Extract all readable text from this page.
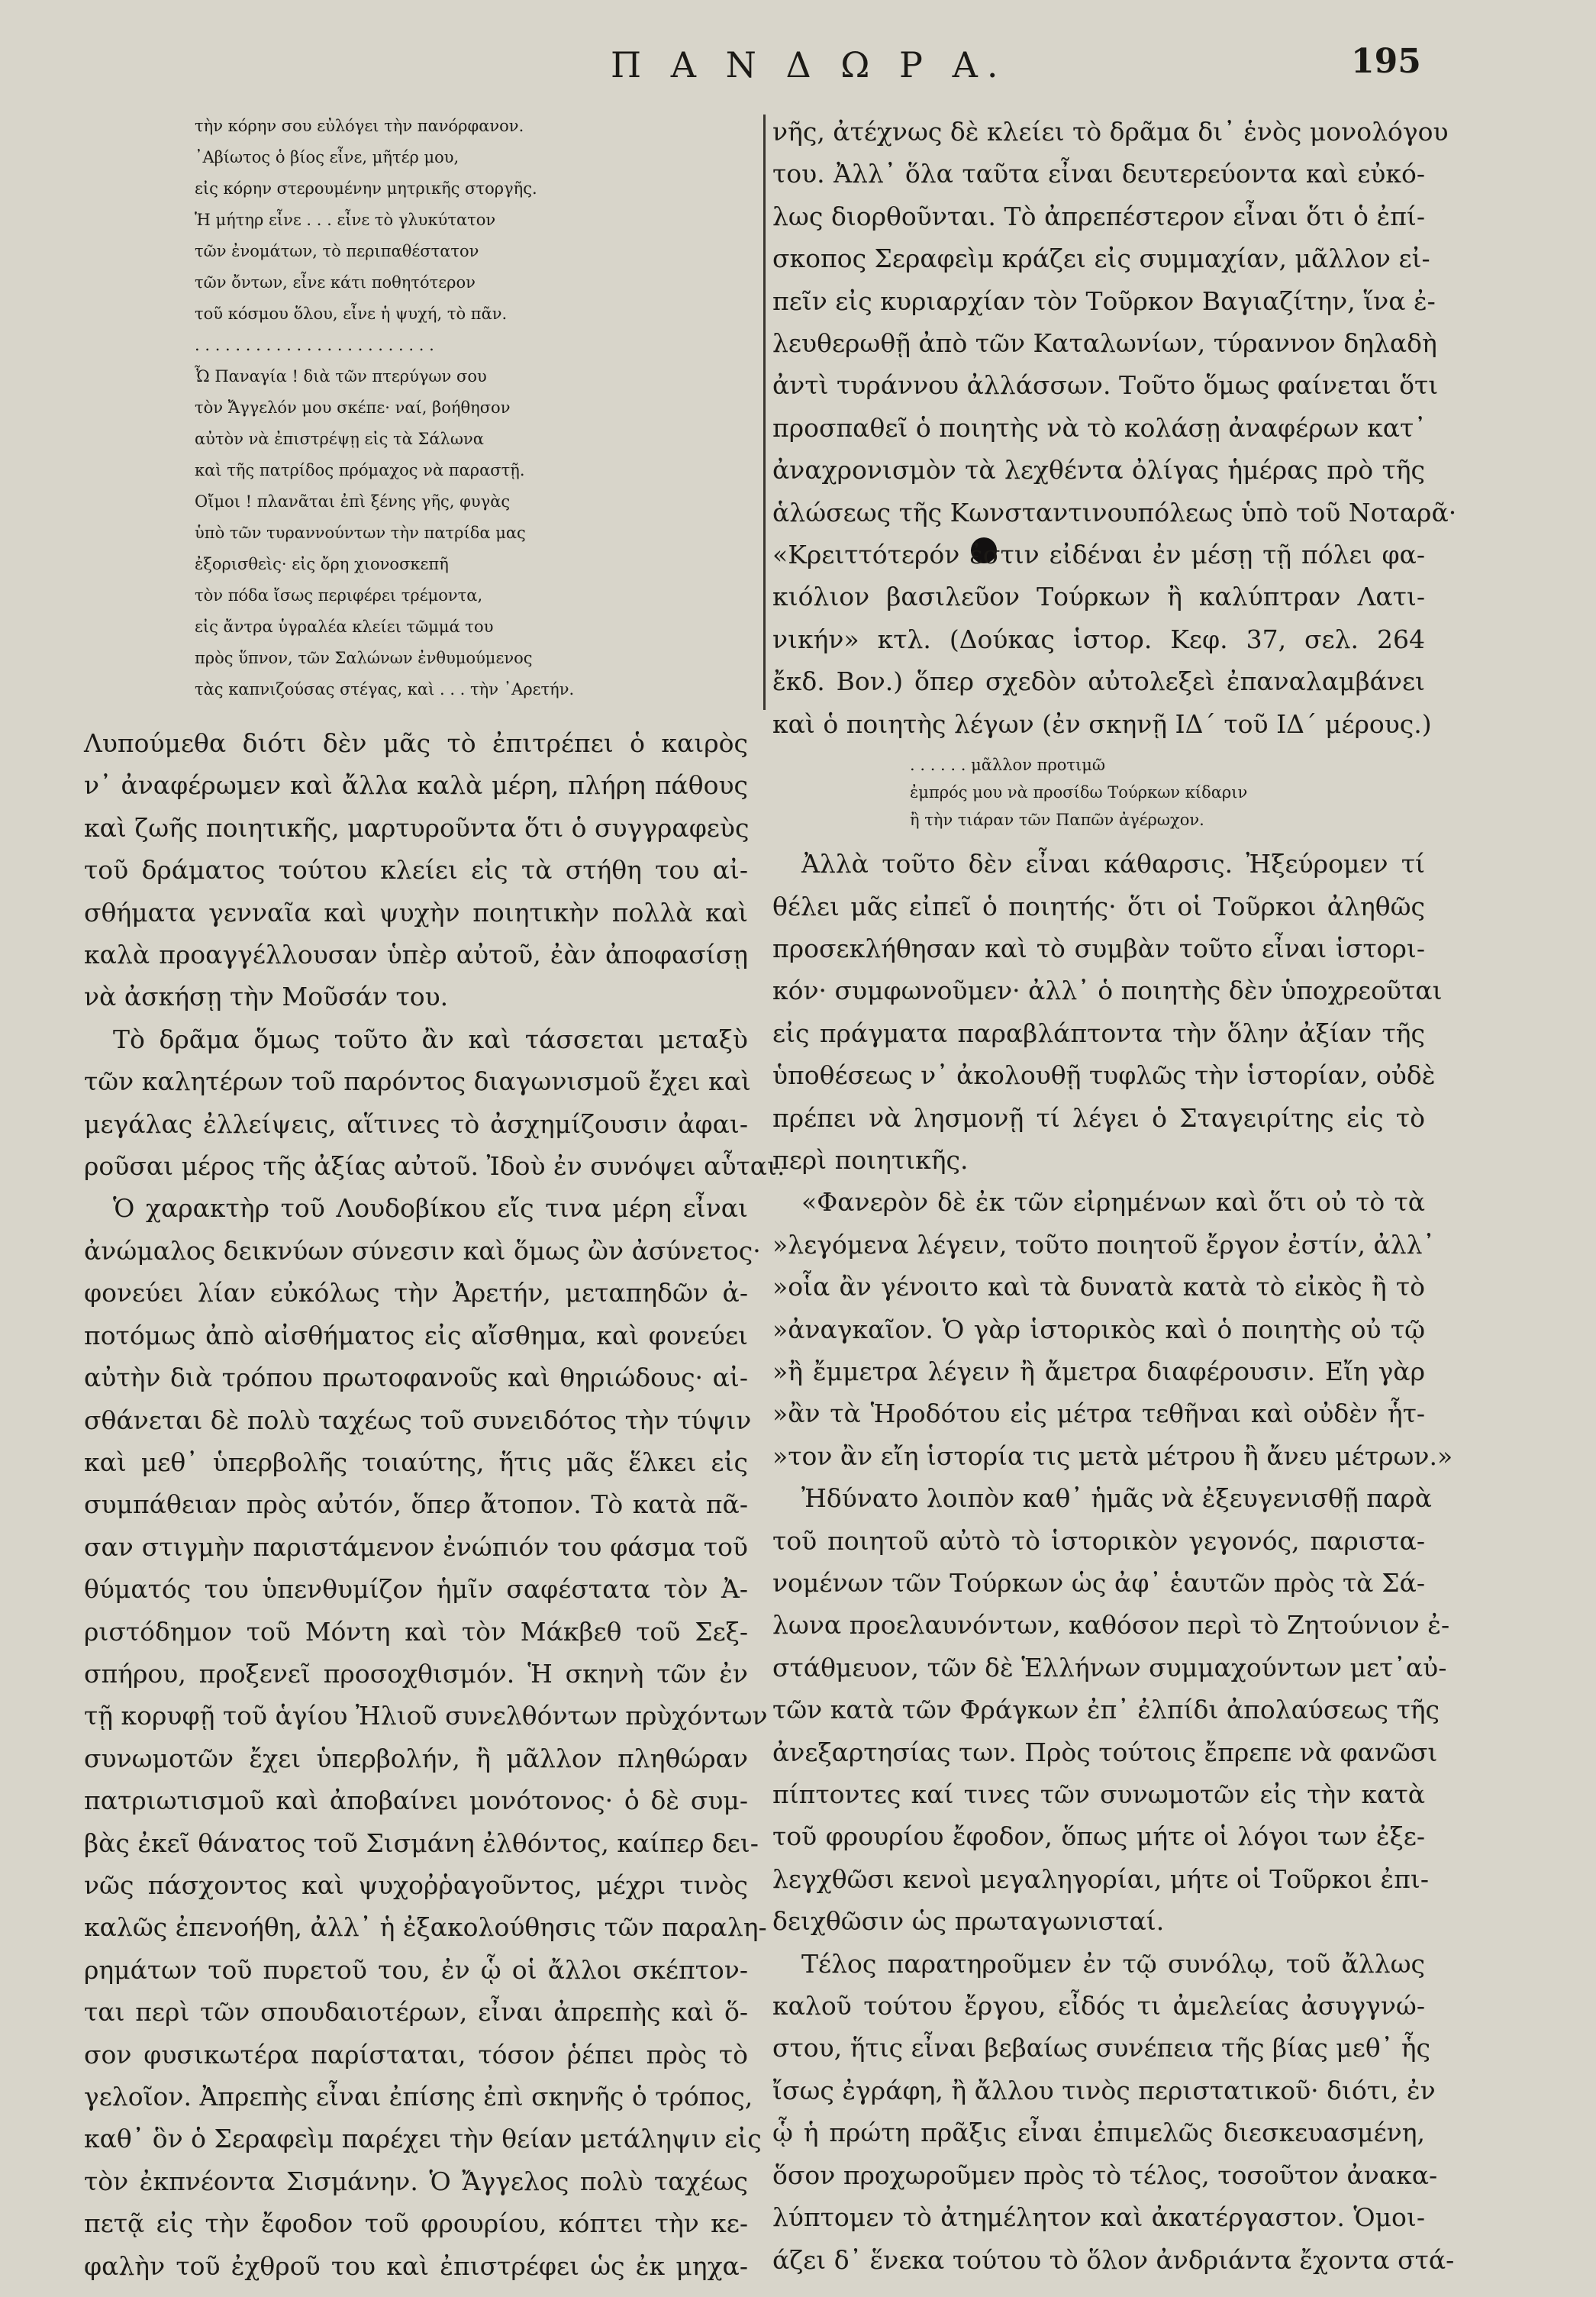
Π Α Ν Δ Ω Ρ Α.	195
τὴν κόρην σου εὐλόγει τὴν πανόρφανον.
᾿Αβίωτος ὁ βίος εἶνε, μῆτέρ μου,
εἰς κόρην στερουμένην μητρικῆς στοργῆς.
Ἡ μήτηρ εἶνε . . . εἶνε τὸ γλυκύτατον
τῶν ἐνομάτων, τὸ περιπαθέστατον
τῶν ὄντων, εἶνε κάτι ποθητότερον
τοῦ κόσμου ὅλου, εἶνε ἡ ψυχή, τὸ πᾶν.
. . . . . . . . . . . . . . . . . . . . . . . .
Ὦ Παναγία ! διὰ τῶν πτερύγων σου
τὸν Ἄγγελόν μου σκέπε· ναί, βοήθησον
αὐτὸν νὰ ἐπιστρέψῃ εἰς τὰ Σάλωνα
καὶ τῆς πατρίδος πρόμαχος νὰ παραστῇ.
Οἴμοι ! πλανᾶται ἐπὶ ξένης γῆς, φυγὰς
ὑπὸ τῶν τυραννούντων τὴν πατρίδα μας
ἐξορισθεὶς· εἰς ὄρη χιονοσκεπῆ
τὸν πόδα ἴσως περιφέρει τρέμοντα,
εἰς ἄντρα ὑγραλέα κλείει τῶμμά του
πρὸς ὕπνον, τῶν Σαλώνων ἐνθυμούμενος
τὰς καπνιζούσας στέγας, καὶ . . . τὴν ᾿Αρετήν.
Λυπούμεθα διότι δὲν μᾶς τὸ ἐπιτρέπει ὁ καιρὸς
ν᾿ ἀναφέρωμεν καὶ ἄλλα καλὰ μέρη, πλήρη πάθους
καὶ ζωῆς ποιητικῆς, μαρτυροῦντα ὅτι ὁ συγγραφεὺς
τοῦ δράματος τούτου κλείει εἰς τὰ στήθη του αἰ-
σθήματα γενναῖα καὶ ψυχὴν ποιητικὴν πολλὰ καὶ
καλὰ προαγγέλλουσαν ὑπὲρ αὐτοῦ, ἐὰν ἀποφασίσῃ
νὰ ἀσκήσῃ τὴν Μοῦσάν του.
Τὸ δρᾶμα ὅμως τοῦτο ἂν καὶ τάσσεται μεταξὺ
τῶν καλητέρων τοῦ παρόντος διαγωνισμοῦ ἔχει καὶ
μεγάλας ἐλλείψεις, αἵτινες τὸ ἀσχημίζουσιν ἀφαι-
ροῦσαι μέρος τῆς ἀξίας αὐτοῦ. Ἰδοὺ ἐν συνόψει αὗται.
Ὁ χαρακτὴρ τοῦ Λουδοβίκου εἴς τινα μέρη εἶναι
ἀνώμαλος δεικνύων σύνεσιν καὶ ὅμως ὢν ἀσύνετος·
φονεύει λίαν εὐκόλως τὴν Ἀρετήν, μεταπηδῶν ἀ-
ποτόμως ἀπὸ αἰσθήματος εἰς αἴσθημα, καὶ φονεύει
αὐτὴν διὰ τρόπου πρωτοφανοῦς καὶ θηριώδους· αἰ-
σθάνεται δὲ πολὺ ταχέως τοῦ συνειδότος τὴν τύψιν
καὶ μεθ᾿ ὑπερβολῆς τοιαύτης, ἥτις μᾶς ἕλκει εἰς
συμπάθειαν πρὸς αὐτόν, ὅπερ ἄτοπον. Τὸ κατὰ πᾶ-
σαν στιγμὴν παριστάμενον ἐνώπιόν του φάσμα τοῦ
θύματός του ὑπενθυμίζον ἡμῖν σαφέστατα τὸν Ἀ-
ριστόδημον τοῦ Μόντη καὶ τὸν Μάκβεθ τοῦ Σεξ-
σπήρου, προξενεῖ προσοχθισμόν. Ἡ σκηνὴ τῶν ἐν
τῇ κορυφῇ τοῦ ἁγίου Ἠλιοῦ συνελθόντων πρὺχόντων
συνωμοτῶν ἔχει ὑπερβολήν, ἢ μᾶλλον πληθώραν
πατριωτισμοῦ καὶ ἀποβαίνει μονότονος· ὁ δὲ συμ-
βὰς ἐκεῖ θάνατος τοῦ Σισμάνη ἐλθόντος, καίπερ δει-
νῶς πάσχοντος καὶ ψυχοῤῥαγοῦντος, μέχρι τινὸς
καλῶς ἐπενοήθη, ἀλλ᾿ ἡ ἐξακολούθησις τῶν παραλη-
ρημάτων τοῦ πυρετοῦ του, ἐν ᾧ οἱ ἄλλοι σκέπτον-
ται περὶ τῶν σπουδαιοτέρων, εἶναι ἀπρεπὴς καὶ ὅ-
σον φυσικωτέρα παρίσταται, τόσον ῥέπει πρὸς τὸ
γελοῖον. Ἀπρεπὴς εἶναι ἐπίσης ἐπὶ σκηνῆς ὁ τρόπος,
καθ᾿ ὃν ὁ Σεραφεὶμ παρέχει τὴν θείαν μετάληψιν εἰς
τὸν ἐκπνέοντα Σισμάνην. Ὁ Ἄγγελος πολὺ ταχέως
πετᾷ εἰς τὴν ἔφοδον τοῦ φρουρίου, κόπτει τὴν κε-
φαλὴν τοῦ ἐχθροῦ του καὶ ἐπιστρέφει ὡς ἐκ μηχα-
νῆς, ἀτέχνως δὲ κλείει τὸ δρᾶμα δι᾿ ἑνὸς μονολόγου
του. Ἀλλ᾿ ὅλα ταῦτα εἶναι δευτερεύοντα καὶ εὐκό-
λως διορθοῦνται. Τὸ ἀπρεπέστερον εἶναι ὅτι ὁ ἐπί-
σκοπος Σεραφεὶμ κράζει εἰς συμμαχίαν, μᾶλλον εἰ-
πεῖν εἰς κυριαρχίαν τὸν Τοῦρκον Βαγιαζίτην, ἵνα ἐ-
λευθερωθῇ ἀπὸ τῶν Καταλωνίων, τύραννον δηλαδὴ
ἀντὶ τυράννου ἀλλάσσων. Τοῦτο ὅμως φαίνεται ὅτι
προσπαθεῖ ὁ ποιητὴς νὰ τὸ κολάσῃ ἀναφέρων κατ᾿
ἀναχρονισμὸν τὰ λεχθέντα ὀλίγας ἡμέρας πρὸ τῆς
ἁλώσεως τῆς Κωνσταντινουπόλεως ὑπὸ τοῦ Νοταρᾶ·
«Κρειττότερόν ἐστιν εἰδέναι ἐν μέσῃ τῇ πόλει φα-
κιόλιον βασιλεῦον Τούρκων ἢ καλύπτραν Λατι-
νικήν» κτλ. (Δούκας ἱστορ. Κεφ. 37, σελ. 264
ἔκδ. Βον.) ὅπερ σχεδὸν αὐτολεξεὶ ἐπαναλαμβάνει
καὶ ὁ ποιητὴς λέγων (ἐν σκηνῇ ΙΔ´ τοῦ ΙΔ´ μέρους.)
. . . . . . μᾶλλον προτιμῶ
ἐμπρός μου νὰ προσίδω Τούρκων κίδαριν
ἢ τὴν τιάραν τῶν Παπῶν ἀγέρωχον.
Ἀλλὰ τοῦτο δὲν εἶναι κάθαρσις. Ἠξεύρομεν τί
θέλει μᾶς εἰπεῖ ὁ ποιητής· ὅτι οἱ Τοῦρκοι ἀληθῶς
προσεκλήθησαν καὶ τὸ συμβὰν τοῦτο εἶναι ἱστορι-
κόν· συμφωνοῦμεν· ἀλλ᾿ ὁ ποιητὴς δὲν ὑποχρεοῦται
εἰς πράγματα παραβλάπτοντα τὴν ὅλην ἀξίαν τῆς
ὑποθέσεως ν᾿ ἀκολουθῇ τυφλῶς τὴν ἱστορίαν, οὐδὲ
πρέπει νὰ λησμονῇ τί λέγει ὁ Σταγειρίτης εἰς τὸ
περὶ ποιητικῆς.
«Φανερὸν δὲ ἐκ τῶν εἰρημένων καὶ ὅτι οὐ τὸ τὰ
»λεγόμενα λέγειν, τοῦτο ποιητοῦ ἔργον ἐστίν, ἀλλ᾿
»οἷα ἂν γένοιτο καὶ τὰ δυνατὰ κατὰ τὸ εἰκὸς ἢ τὸ
»ἀναγκαῖον. Ὁ γὰρ ἱστορικὸς καὶ ὁ ποιητὴς οὐ τῷ
»ἢ ἔμμετρα λέγειν ἢ ἄμετρα διαφέρουσιν. Εἴη γὰρ
»ἂν τὰ Ἡροδότου εἰς μέτρα τεθῆναι καὶ οὐδὲν ἧτ-
»τον ἂν εἴη ἱστορία τις μετὰ μέτρου ἢ ἄνευ μέτρων.»
Ἠδύνατο λοιπὸν καθ᾿ ἡμᾶς νὰ ἐξευγενισθῇ παρὰ
τοῦ ποιητοῦ αὐτὸ τὸ ἱστορικὸν γεγονός, παριστα-
νομένων τῶν Τούρκων ὡς ἀφ᾿ ἑαυτῶν πρὸς τὰ Σά-
λωνα προελαυνόντων, καθόσον περὶ τὸ Ζητούνιον ἐ-
στάθμευον, τῶν δὲ Ἑλλήνων συμμαχούντων μετ᾿αὐ-
τῶν κατὰ τῶν Φράγκων ἐπ᾿ ἐλπίδι ἀπολαύσεως τῆς
ἀνεξαρτησίας των. Πρὸς τούτοις ἔπρεπε νὰ φανῶσι
πίπτοντες καί τινες τῶν συνωμοτῶν εἰς τὴν κατὰ
τοῦ φρουρίου ἔφοδον, ὅπως μήτε οἱ λόγοι των ἐξε-
λεγχθῶσι κενοὶ μεγαληγορίαι, μήτε οἱ Τοῦρκοι ἐπι-
δειχθῶσιν ὡς πρωταγωνισταί.
Τέλος παρατηροῦμεν ἐν τῷ συνόλῳ, τοῦ ἄλλως
καλοῦ τούτου ἔργου, εἶδός τι ἀμελείας ἀσυγγνώ-
στου, ἥτις εἶναι βεβαίως συνέπεια τῆς βίας μεθ᾿ ἧς
ἴσως ἐγράφη, ἢ ἄλλου τινὸς περιστατικοῦ· διότι, ἐν
ᾧ ἡ πρώτη πρᾶξις εἶναι ἐπιμελῶς διεσκευασμένη,
ὅσον προχωροῦμεν πρὸς τὸ τέλος, τοσοῦτον ἀνακα-
λύπτομεν τὸ ἀτημέλητον καὶ ἀκατέργαστον. Ὁμοι-
άζει δ᾿ ἕνεκα τούτου τὸ ὅλον ἀνδριάντα ἔχοντα στά-
